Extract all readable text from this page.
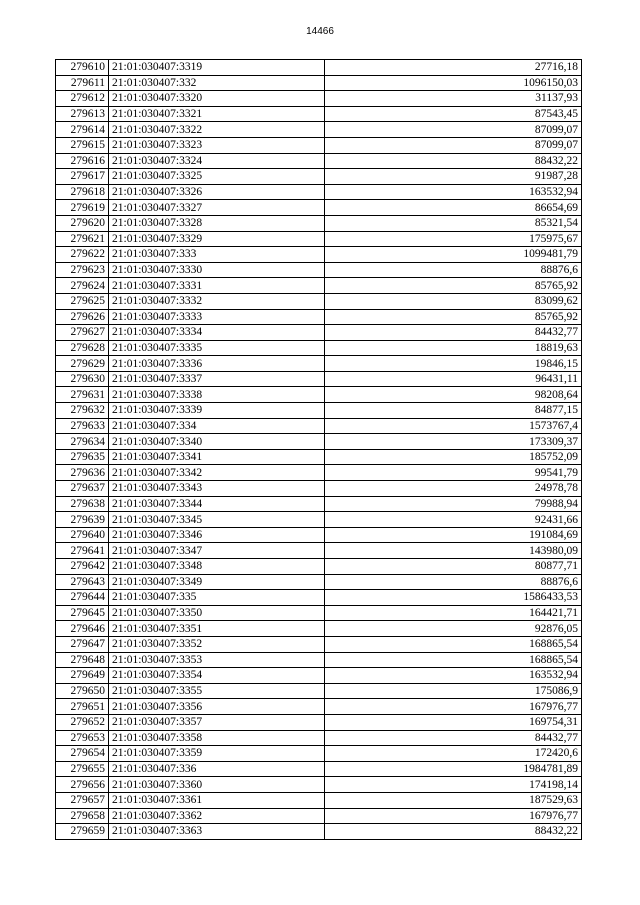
14466
279610	21:01:030407:3319	27716,18
279611	21:01:030407:332	1096150,03
279612	21:01:030407:3320	31137,93
279613	21:01:030407:3321	87543,45
279614	21:01:030407:3322	87099,07
279615	21:01:030407:3323	87099,07
279616	21:01:030407:3324	88432,22
279617	21:01:030407:3325	91987,28
279618	21:01:030407:3326	163532,94
279619	21:01:030407:3327	86654,69
279620	21:01:030407:3328	85321,54
279621	21:01:030407:3329	175975,67
279622	21:01:030407:333	1099481,79
279623	21:01:030407:3330	88876,6
279624	21:01:030407:3331	85765,92
279625	21:01:030407:3332	83099,62
279626	21:01:030407:3333	85765,92
279627	21:01:030407:3334	84432,77
279628	21:01:030407:3335	18819,63
279629	21:01:030407:3336	19846,15
279630	21:01:030407:3337	96431,11
279631	21:01:030407:3338	98208,64
279632	21:01:030407:3339	84877,15
279633	21:01:030407:334	1573767,4
279634	21:01:030407:3340	173309,37
279635	21:01:030407:3341	185752,09
279636	21:01:030407:3342	99541,79
279637	21:01:030407:3343	24978,78
279638	21:01:030407:3344	79988,94
279639	21:01:030407:3345	92431,66
279640	21:01:030407:3346	191084,69
279641	21:01:030407:3347	143980,09
279642	21:01:030407:3348	80877,71
279643	21:01:030407:3349	88876,6
279644	21:01:030407:335	1586433,53
279645	21:01:030407:3350	164421,71
279646	21:01:030407:3351	92876,05
279647	21:01:030407:3352	168865,54
279648	21:01:030407:3353	168865,54
279649	21:01:030407:3354	163532,94
279650	21:01:030407:3355	175086,9
279651	21:01:030407:3356	167976,77
279652	21:01:030407:3357	169754,31
279653	21:01:030407:3358	84432,77
279654	21:01:030407:3359	172420,6
279655	21:01:030407:336	1984781,89
279656	21:01:030407:3360	174198,14
279657	21:01:030407:3361	187529,63
279658	21:01:030407:3362	167976,77
279659	21:01:030407:3363	88432,22
